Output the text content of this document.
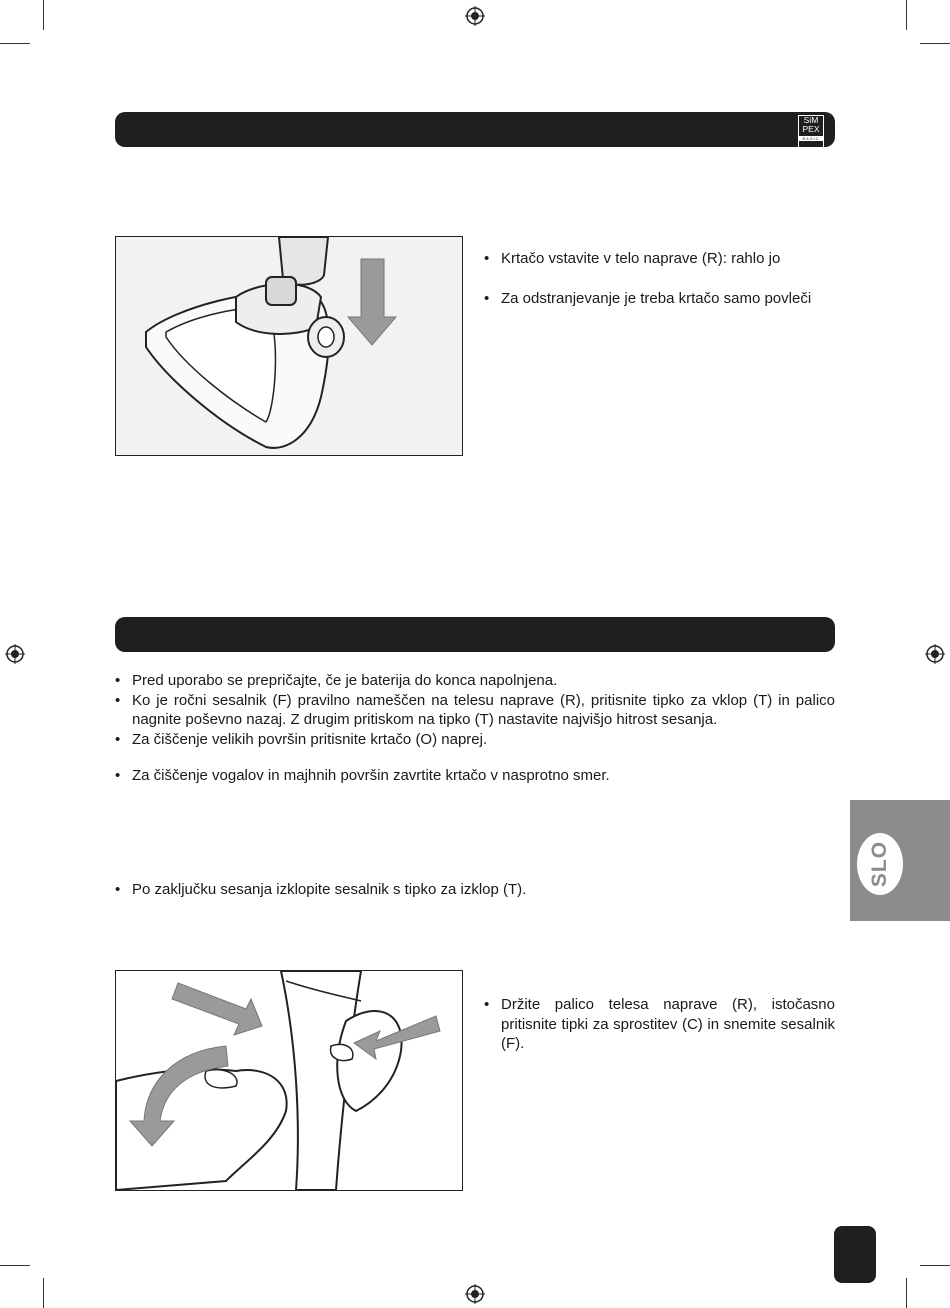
SiM
PEX
BASIC
• Krtačo vstavite v telo naprave (R): rahlo jo
• Za odstranjevanje je treba krtačo samo povleči
• Pred uporabo se prepričajte, če je baterija do konca napolnjena.
• Ko je ročni sesalnik (F) pravilno nameščen na telesu naprave (R), pritisnite tipko za vklop (T) in palico nagnite poševno nazaj. Z drugim pritiskom na tipko (T) nastavite najvišjo hitrost sesanja.
• Za čiščenje velikih površin pritisnite krtačo (O) naprej.
• Za čiščenje vogalov in majhnih površin zavrtite krtačo v nasprotno smer.
• Po zaključku sesanja izklopite sesalnik s tipko za izklop (T).
SLO
• Držite palico telesa naprave (R), istočasno pritisnite tipki za sprostitev (C) in snemite sesalnik (F).
